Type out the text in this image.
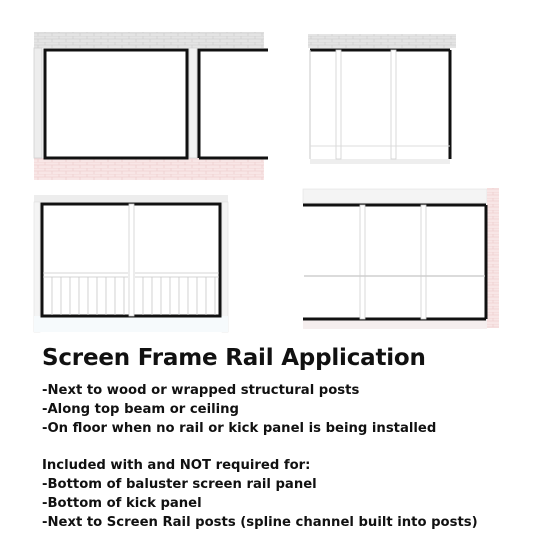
Screen Frame Rail Application
-Next to wood or wrapped structural posts
-Along top beam or ceiling
-On floor when no rail or kick panel is being installed
Included with and NOT required for:
-Bottom of baluster screen rail panel
-Bottom of kick panel
-Next to Screen Rail posts (spline channel built into posts)
